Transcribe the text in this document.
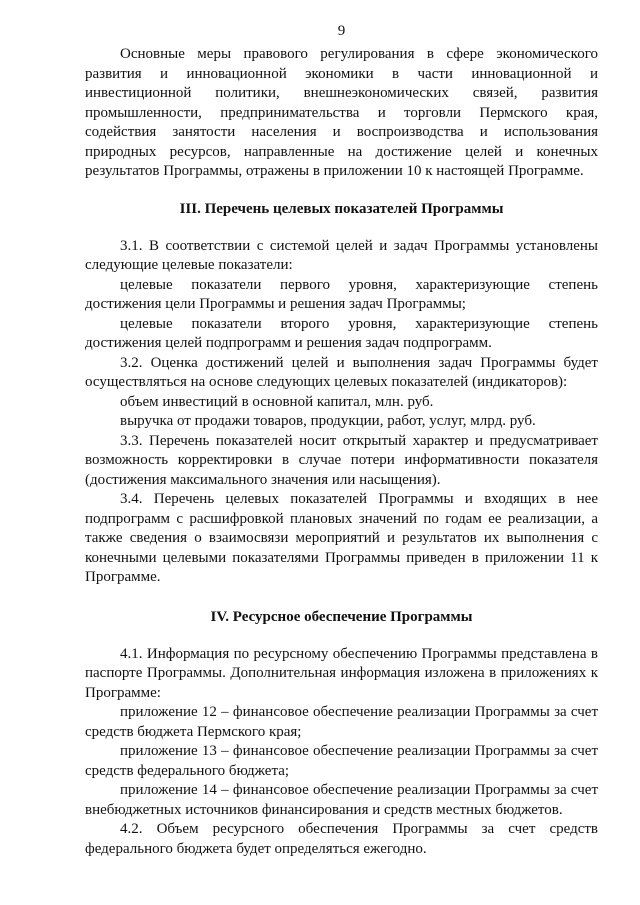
9

Основные меры правового регулирования в сфере экономического развития и инновационной экономики в части инновационной и инвестиционной политики, внешнеэкономических связей, развития промышленности, предпринимательства и торговли Пермского края, содействия занятости населения и воспроизводства и использования природных ресурсов, направленные на достижение целей и конечных результатов Программы, отражены в приложении 10 к настоящей Программе.

III. Перечень целевых показателей Программы

3.1. В соответствии с системой целей и задач Программы установлены следующие целевые показатели:

целевые показатели первого уровня, характеризующие степень достижения цели Программы и решения задач Программы;

целевые показатели второго уровня, характеризующие степень достижения целей подпрограмм и решения задач подпрограмм.

3.2. Оценка достижений целей и выполнения задач Программы будет осуществляться на основе следующих целевых показателей (индикаторов):

объем инвестиций в основной капитал, млн. руб.

выручка от продажи товаров, продукции, работ, услуг, млрд. руб.

3.3. Перечень показателей носит открытый характер и предусматривает возможность корректировки в случае потери информативности показателя (достижения максимального значения или насыщения).

3.4. Перечень целевых показателей Программы и входящих в нее подпрограмм с расшифровкой плановых значений по годам ее реализации, а также сведения о взаимосвязи мероприятий и результатов их выполнения с конечными целевыми показателями Программы приведен в приложении 11 к Программе.

IV. Ресурсное обеспечение Программы

4.1. Информация по ресурсному обеспечению Программы представлена в паспорте Программы. Дополнительная информация изложена в приложениях к Программе:

приложение 12 – финансовое обеспечение реализации Программы за счет средств бюджета Пермского края;

приложение 13 – финансовое обеспечение реализации Программы за счет средств федерального бюджета;

приложение 14 – финансовое обеспечение реализации Программы за счет внебюджетных источников финансирования и средств местных бюджетов.

4.2. Объем ресурсного обеспечения Программы за счет средств федерального бюджета будет определяться ежегодно.
